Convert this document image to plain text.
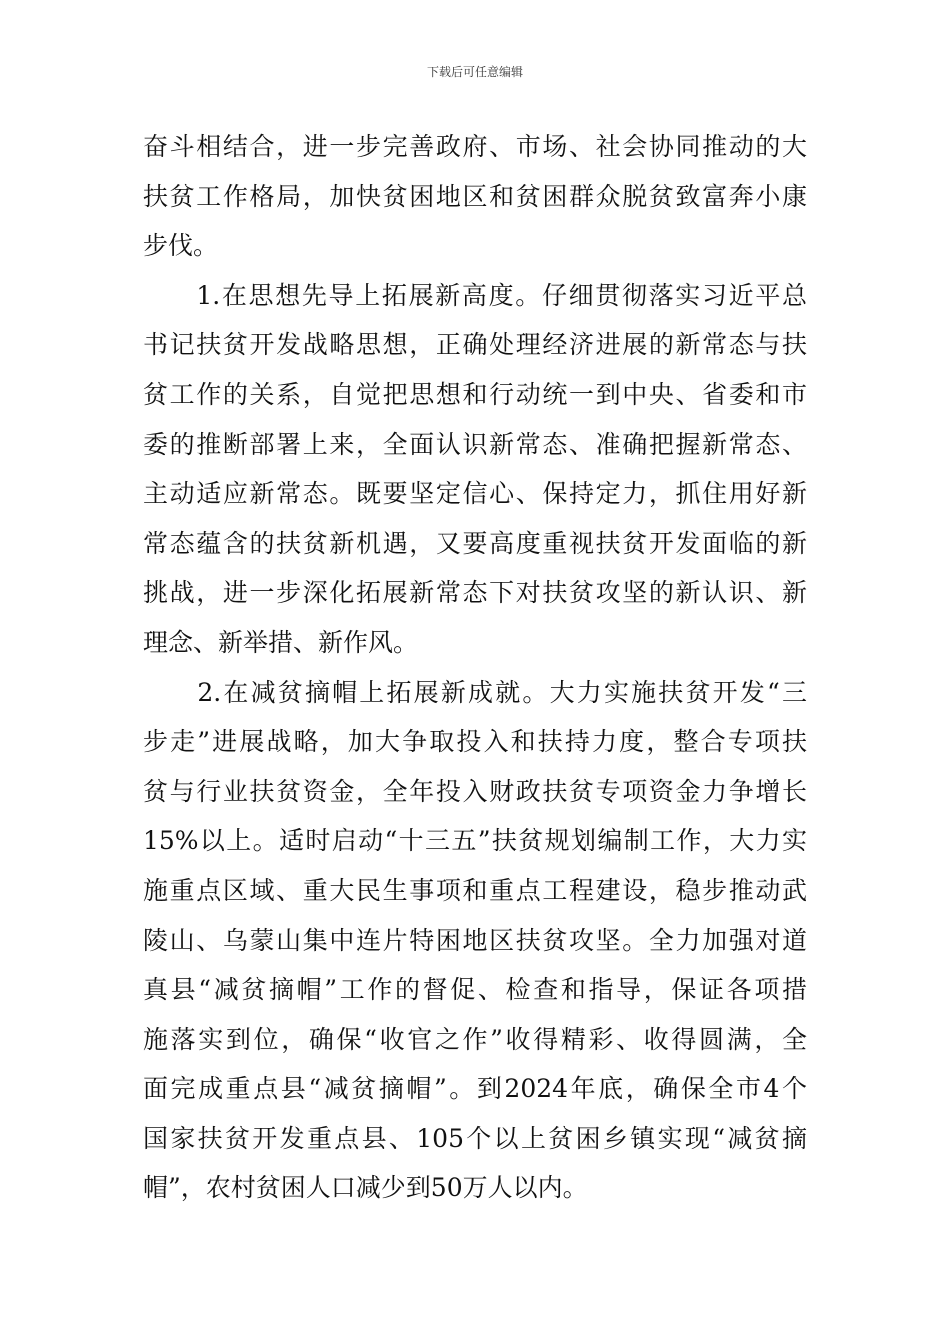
下载后可任意编辑
奋斗相结合，进一步完善政府、市场、社会协同推动的大
扶贫工作格局，加快贫困地区和贫困群众脱贫致富奔小康
步伐。
　　1.在思想先导上拓展新高度。仔细贯彻落实习近平总
书记扶贫开发战略思想，正确处理经济进展的新常态与扶
贫工作的关系，自觉把思想和行动统一到中央、省委和市
委的推断部署上来，全面认识新常态、准确把握新常态、
主动适应新常态。既要坚定信心、保持定力，抓住用好新
常态蕴含的扶贫新机遇，又要高度重视扶贫开发面临的新
挑战，进一步深化拓展新常态下对扶贫攻坚的新认识、新
理念、新举措、新作风。
　　2.在减贫摘帽上拓展新成就。大力实施扶贫开发“三
步走”进展战略，加大争取投入和扶持力度，整合专项扶
贫与行业扶贫资金，全年投入财政扶贫专项资金力争增长
15%以上。适时启动“十三五”扶贫规划编制工作，大力实
施重点区域、重大民生事项和重点工程建设，稳步推动武
陵山、乌蒙山集中连片特困地区扶贫攻坚。全力加强对道
真县“减贫摘帽”工作的督促、检查和指导，保证各项措
施落实到位，确保“收官之作”收得精彩、收得圆满，全
面完成重点县“减贫摘帽”。到2024年底，确保全市4个
国家扶贫开发重点县、105个以上贫困乡镇实现“减贫摘
帽”，农村贫困人口减少到50万人以内。
